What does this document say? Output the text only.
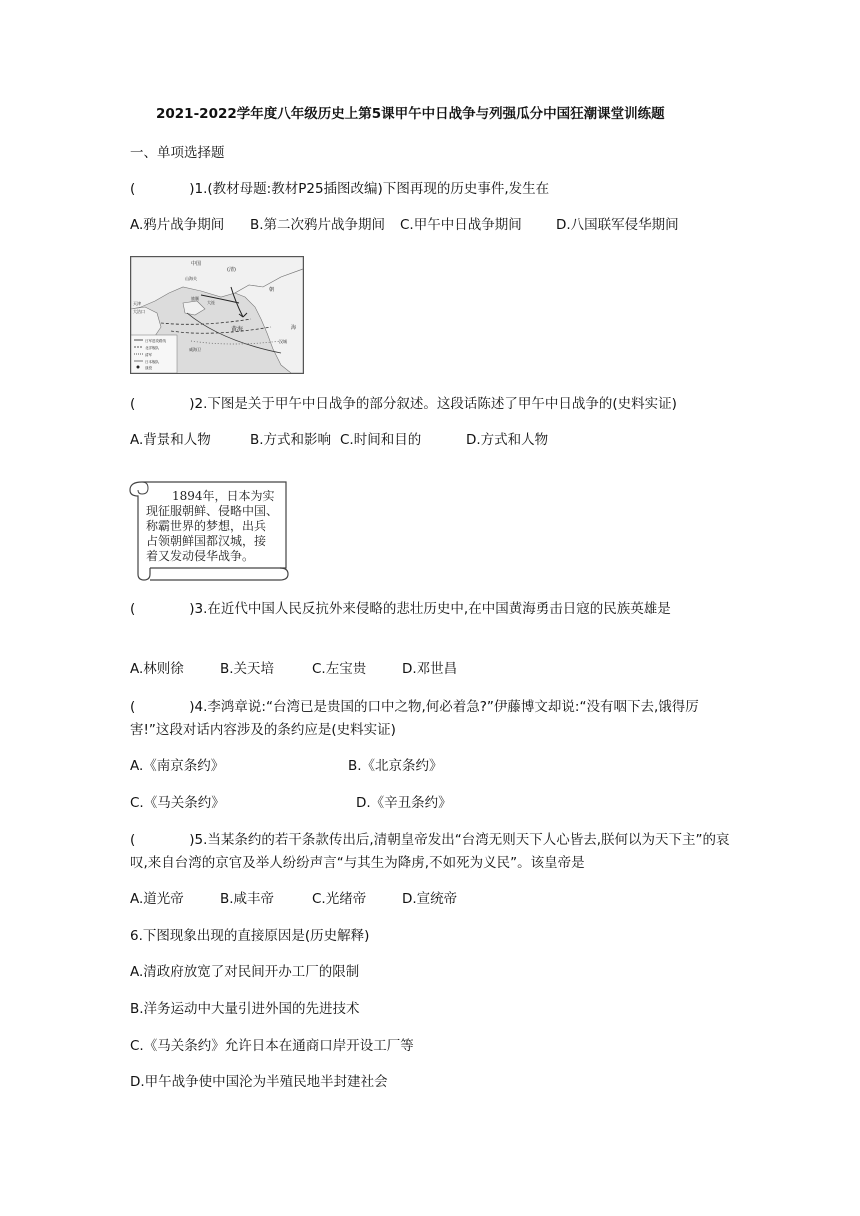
2021-2022学年度八年级历史上第5课甲午中日战争与列强瓜分中国狂潮课堂训练题
一、单项选择题
(　　　　)1.(教材母题:教材P25插图改编)下图再现的历史事件,发生在
A.鸦片战争期间 B.第二次鸦片战争期间 C.甲午中日战争期间	D.八国联军侵华期间
中国
(清)
朝
山海关
天津
大沽口
旅顺
大连
威海卫
黄海
汉城
海
日军进攻路线
北洋舰队
清军
日本舰队
战役
(　　　　)2.下图是关于甲午中日战争的部分叙述。这段话陈述了甲午中日战争的(史料实证)
A.背景和人物	B.方式和影响 C.时间和目的	D.方式和人物
1894年，日本为实
现征服朝鲜、侵略中国、
称霸世界的梦想，出兵
占领朝鲜国都汉城，接
着又发动侵华战争。
(　　　　)3.在近代中国人民反抗外来侵略的悲壮历史中,在中国黄海勇击日寇的民族英雄是
A.林则徐	B.关天培	C.左宝贵	D.邓世昌
(　　　　)4.李鸿章说:“台湾已是贵国的口中之物,何必着急?”伊藤博文却说:“没有咽下去,饿得厉害!”这段对话内容涉及的条约应是(史料实证)
A.《南京条约》	B.《北京条约》
C.《马关条约》	D.《辛丑条约》
(　　　　)5.当某条约的若干条款传出后,清朝皇帝发出“台湾无则天下人心皆去,朕何以为天下主”的哀叹,来自台湾的京官及举人纷纷声言“与其生为降虏,不如死为义民”。该皇帝是
A.道光帝	B.咸丰帝	C.光绪帝	D.宣统帝
6.下图现象出现的直接原因是(历史解释)
A.清政府放宽了对民间开办工厂的限制
B.洋务运动中大量引进外国的先进技术
C.《马关条约》允许日本在通商口岸开设工厂等
D.甲午战争使中国沦为半殖民地半封建社会
